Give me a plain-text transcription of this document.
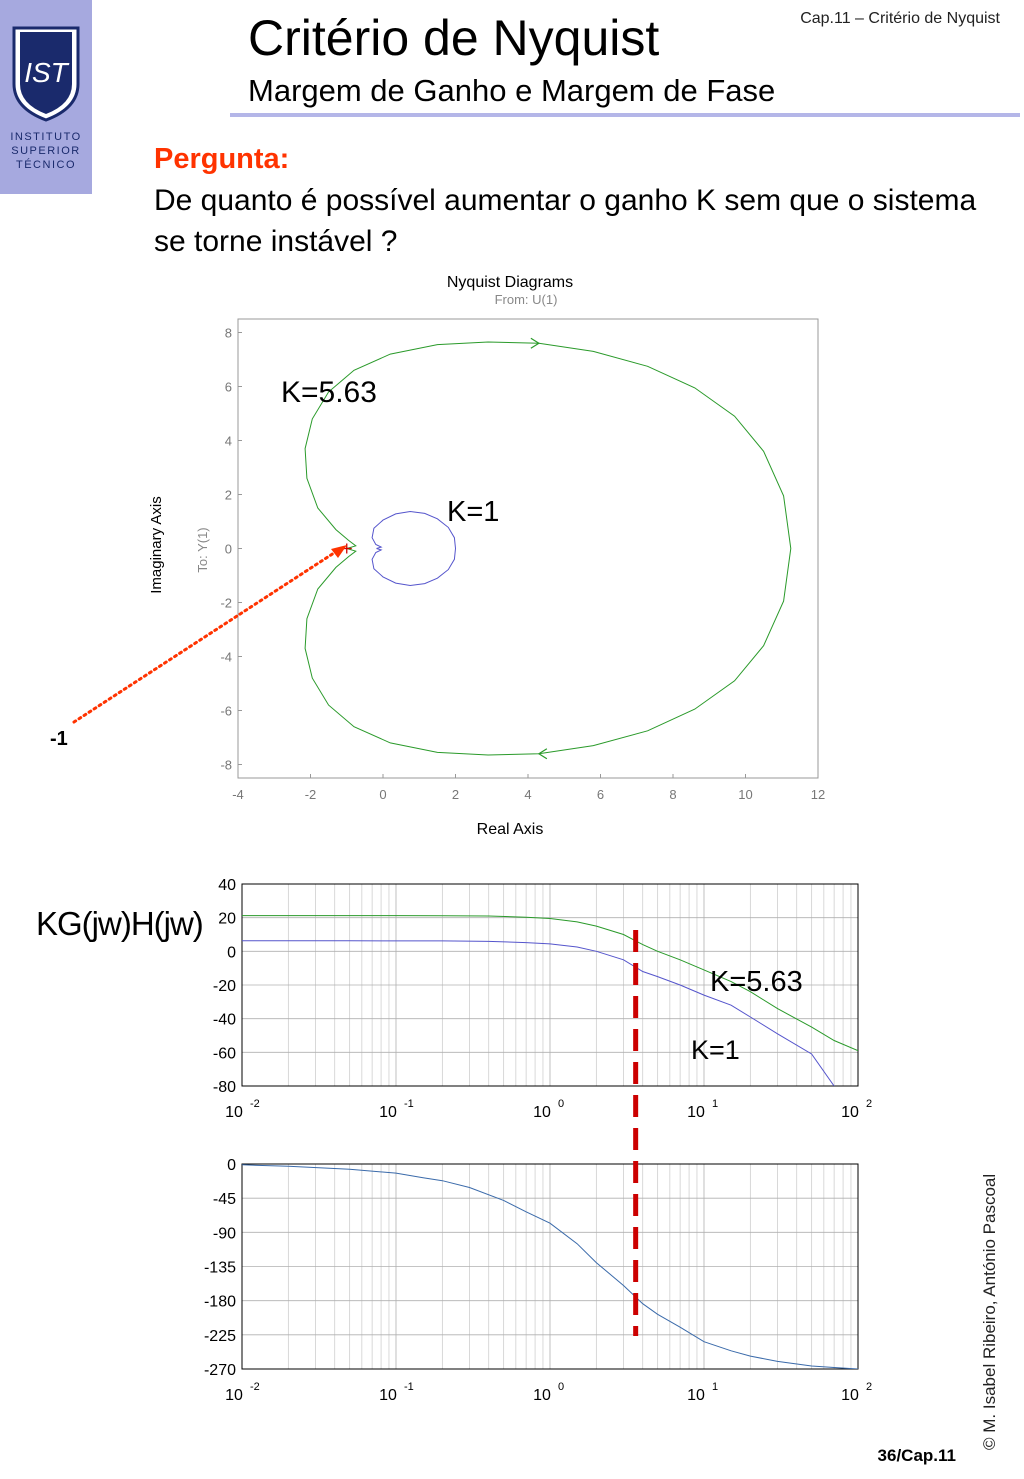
IST
INSTITUTO
SUPERIOR
TÉCNICO
Critério de Nyquist
Margem de Ganho e Margem de Fase
Cap.11 – Critério de Nyquist
Pergunta:
De quanto é possível aumentar o ganho K sem que o sistema se torne instável ?
Nyquist Diagrams
From: U(1)
-4	-2	0	2	4	6	8	10	12
-8
-6
-4
-2
0
2
4
6
8
Real Axis
Imaginary Axis To: Y(1)
K=5.63
K=1
-1
40
20
0
-20
-40
-60
-80
10 -2	10 -1	10 0	10 1	10 2
KG(jw)H(jw)
K=5.63
K=1
0
-45
-90
-135
-180
-225
-270
10 -2	10 -1	10 0	10 1	10 2	© M. Isabel Ribeiro, António Pascoal
36/Cap.11
